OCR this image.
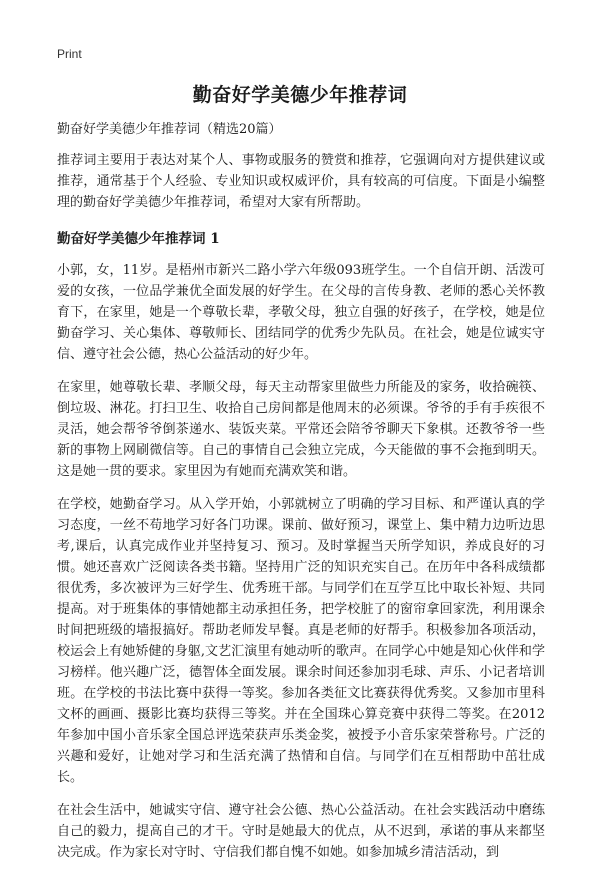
Print
勤奋好学美德少年推荐词

勤奋好学美德少年推荐词（精选20篇）

推荐词主要用于表达对某个人、事物或服务的赞赏和推荐，它强调向对方提供建议或推荐，通常基于个人经验、专业知识或权威评价，具有较高的可信度。下面是小编整理的勤奋好学美德少年推荐词，希望对大家有所帮助。

勤奋好学美德少年推荐词 1

小郭，女，11岁。是梧州市新兴二路小学六年级093班学生。一个自信开朗、活泼可爱的女孩，一位品学兼优全面发展的好学生。在父母的言传身教、老师的悉心关怀教育下，在家里，她是一个尊敬长辈，孝敬父母，独立自强的好孩子，在学校，她是位勤奋学习、关心集体、尊敬师长、团结同学的优秀少先队员。在社会，她是位诚实守信、遵守社会公德，热心公益活动的好少年。

在家里，她尊敬长辈、孝顺父母，每天主动帮家里做些力所能及的家务，收拾碗筷、倒垃圾、淋花。打扫卫生、收拾自己房间都是他周末的必须课。爷爷的手有手疾很不灵活，她会帮爷爷倒茶递水、装饭夹菜。平常还会陪爷爷聊天下象棋。还教爷爷一些新的事物上网刷微信等。自己的事情自己会独立完成，今天能做的事不会拖到明天。这是她一贯的要求。家里因为有她而充满欢笑和谐。

在学校，她勤奋学习。从入学开始，小郭就树立了明确的学习目标、和严谨认真的学习态度，一丝不苟地学习好各门功课。课前、做好预习，课堂上、集中精力边听边思考,课后，认真完成作业并坚持复习、预习。及时掌握当天所学知识，养成良好的习惯。她还喜欢广泛阅读各类书籍。坚持用广泛的知识充实自己。在历年中各科成绩都很优秀，多次被评为三好学生、优秀班干部。与同学们在互学互比中取长补短、共同提高。对于班集体的事情她都主动承担任务，把学校脏了的窗帘拿回家洗，利用课余时间把班级的墙报搞好。帮助老师发早餐。真是老师的好帮手。积极参加各项活动，校运会上有她矫健的身躯,文艺汇演里有她动听的歌声。在同学心中她是知心伙伴和学习榜样。他兴趣广泛，德智体全面发展。课余时间还参加羽毛球、声乐、小记者培训班。在学校的书法比赛中获得一等奖。参加各类征文比赛获得优秀奖。又参加市里科文杯的画画、摄影比赛均获得三等奖。并在全国珠心算竞赛中获得二等奖。在2012年参加中国小音乐家全国总评选荣获声乐类金奖，被授予小音乐家荣誉称号。广泛的兴趣和爱好，让她对学习和生活充满了热情和自信。与同学们在互相帮助中茁壮成长。

在社会生活中，她诚实守信、遵守社会公德、热心公益活动。在社会实践活动中磨练自己的毅力，提高自己的才干。守时是她最大的优点，从不迟到，承诺的事从来都坚决完成。作为家长对守时、守信我们都自愧不如她。如参加城乡清洁活动，到
